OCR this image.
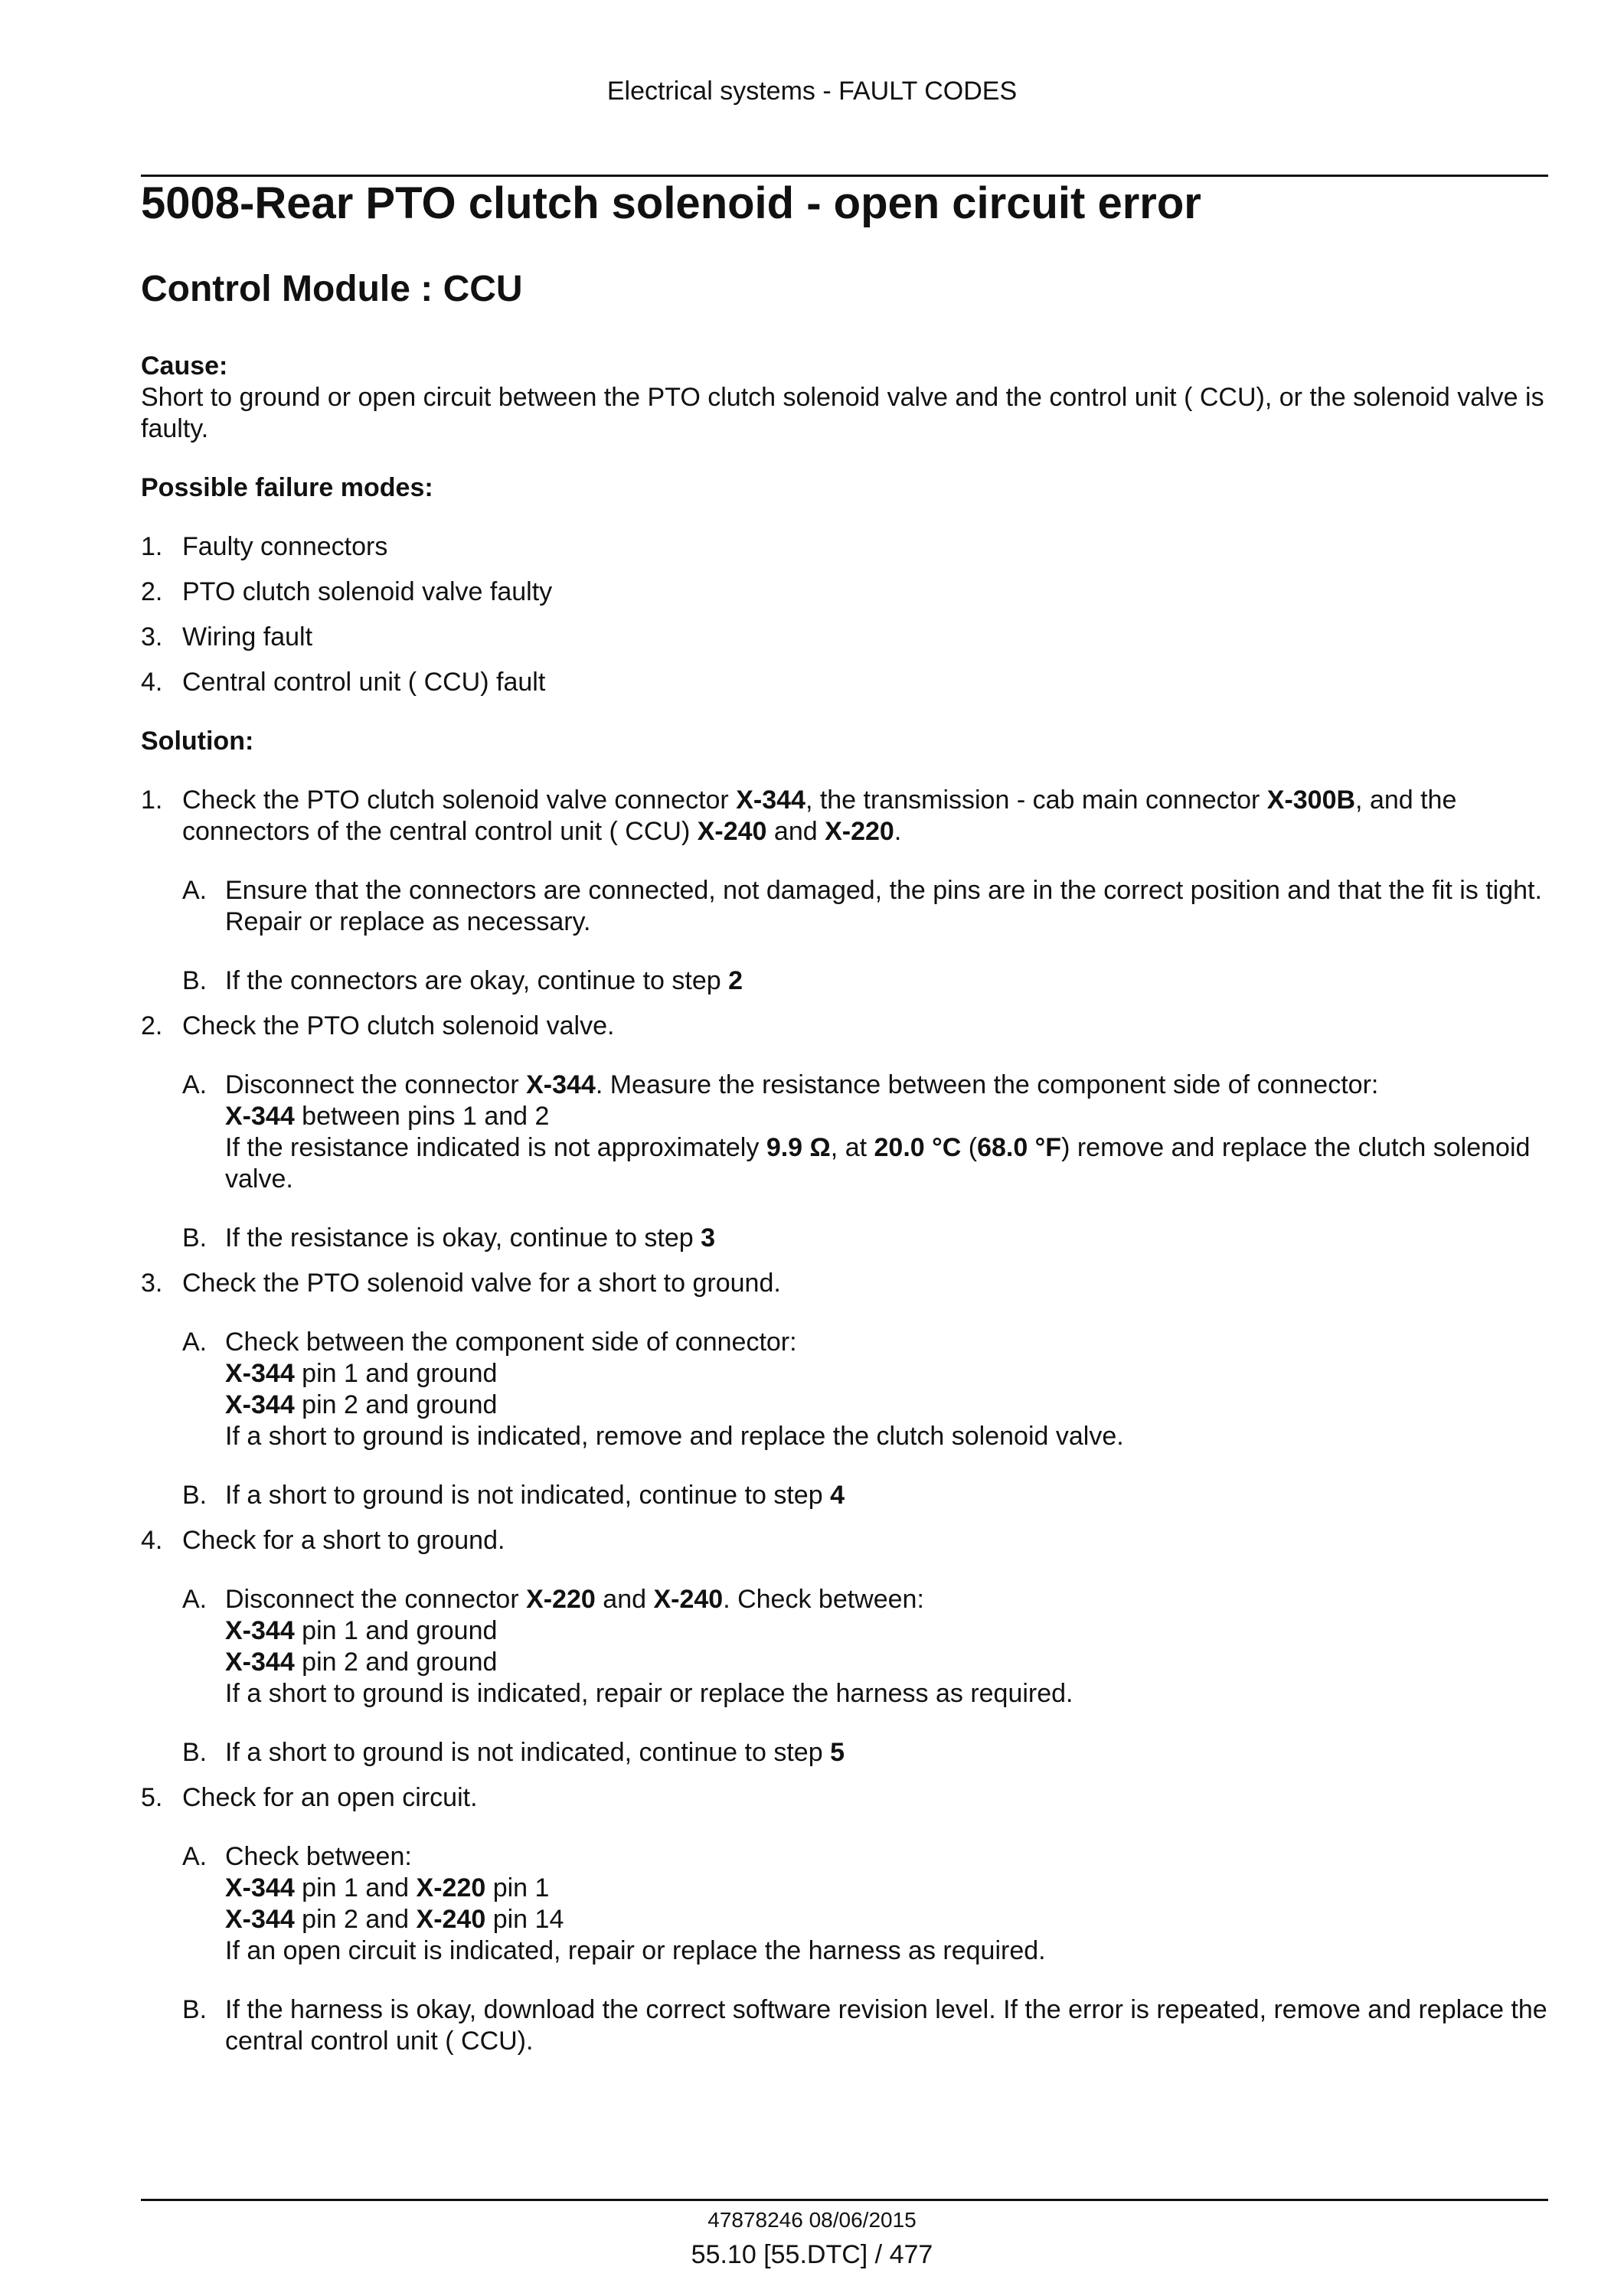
Electrical systems - FAULT CODES
5008-Rear PTO clutch solenoid - open circuit error
Control Module : CCU

Cause:

Short to ground or open circuit between the PTO clutch solenoid valve and the control unit ( CCU), or the solenoid valve is faulty.

Possible failure modes:

1. Faulty connectors
2. PTO clutch solenoid valve faulty
3. Wiring fault
4. Central control unit ( CCU) fault

Solution:

1. Check the PTO clutch solenoid valve connector X-344, the transmission - cab main connector X-300B, and the connectors of the central control unit ( CCU) X-240 and X-220.
A. Ensure that the connectors are connected, not damaged, the pins are in the correct position and that the fit is tight. Repair or replace as necessary.
B. If the connectors are okay, continue to step 2
2. Check the PTO clutch solenoid valve.
A. Disconnect the connector X-344. Measure the resistance between the component side of connector:
X-344 between pins 1 and 2
If the resistance indicated is not approximately 9.9 Ω, at 20.0 °C (68.0 °F) remove and replace the clutch solenoid valve.
B. If the resistance is okay, continue to step 3
3. Check the PTO solenoid valve for a short to ground.
A. Check between the component side of connector:
X-344 pin 1 and ground
X-344 pin 2 and ground
If a short to ground is indicated, remove and replace the clutch solenoid valve.
B. If a short to ground is not indicated, continue to step 4
4. Check for a short to ground.
A. Disconnect the connector X-220 and X-240. Check between:
X-344 pin 1 and ground
X-344 pin 2 and ground
If a short to ground is indicated, repair or replace the harness as required.
B. If a short to ground is not indicated, continue to step 5
5. Check for an open circuit.
A. Check between:
X-344 pin 1 and X-220 pin 1
X-344 pin 2 and X-240 pin 14
If an open circuit is indicated, repair or replace the harness as required.
B. If the harness is okay, download the correct software revision level. If the error is repeated, remove and replace the central control unit ( CCU).
47878246 08/06/2015
55.10 [55.DTC] / 477
